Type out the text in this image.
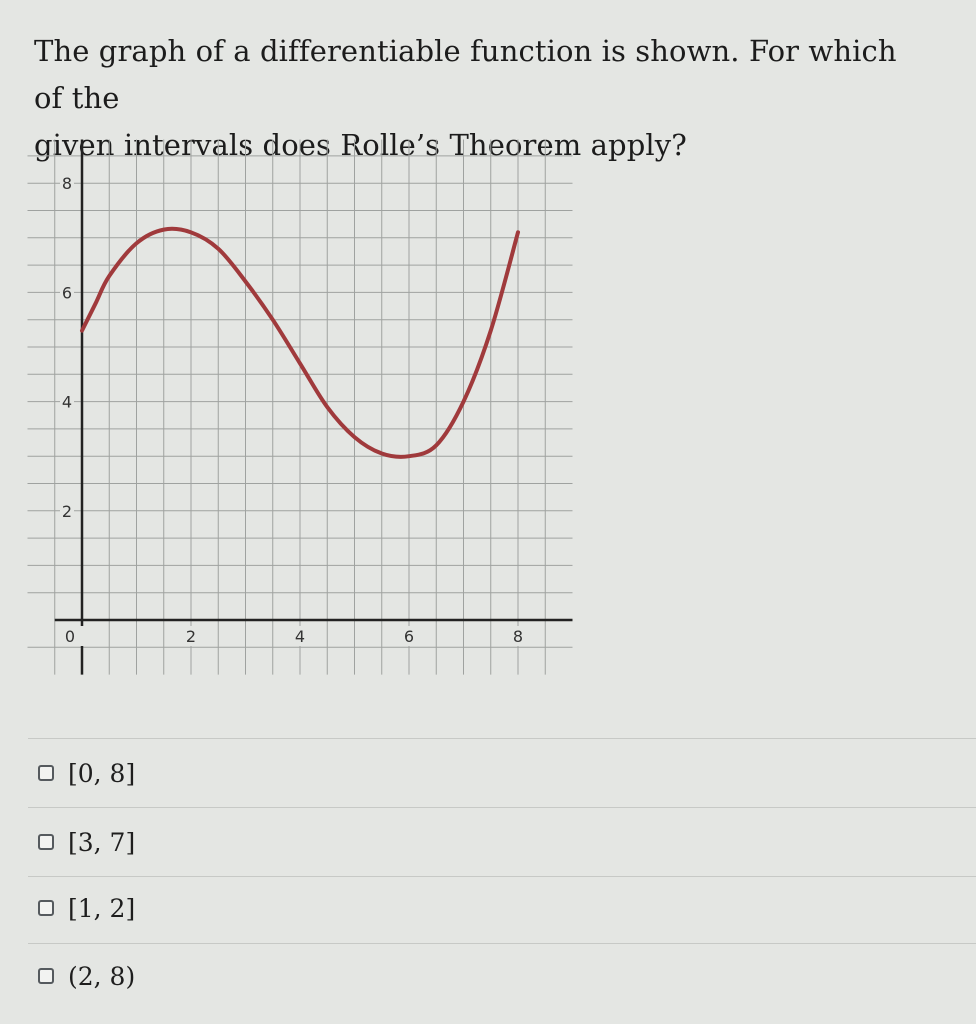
The graph of a differentiable function is shown. For which of the
given intervals does Rolle’s Theorem apply?

2
4
6
8
0	2	4	6	8
[0, 8]
[3, 7]
[1, 2]
(2, 8)
